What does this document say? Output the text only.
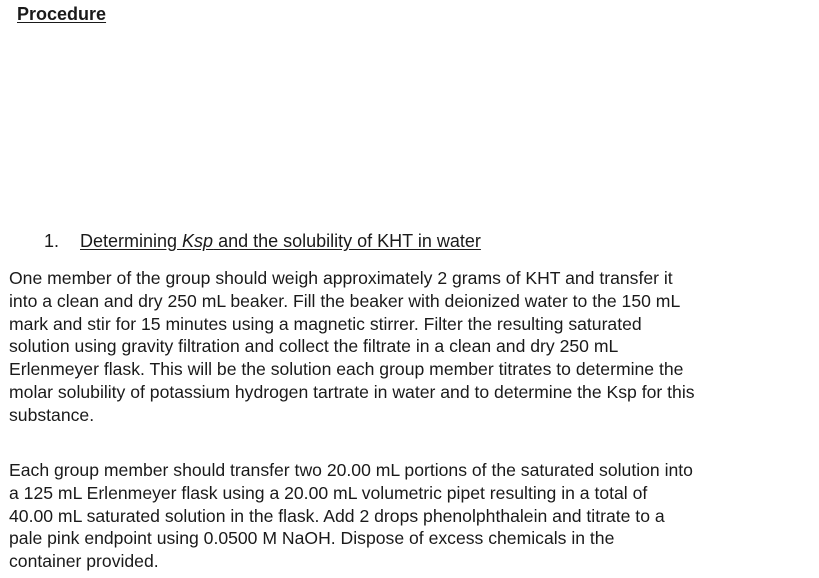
Procedure
1. Determining Ksp and the solubility of KHT in water
One member of the group should weigh approximately 2 grams of KHT and transfer it
into a clean and dry 250 mL beaker. Fill the beaker with deionized water to the 150 mL
mark and stir for 15 minutes using a magnetic stirrer. Filter the resulting saturated
solution using gravity filtration and collect the filtrate in a clean and dry 250 mL
Erlenmeyer flask. This will be the solution each group member titrates to determine the
molar solubility of potassium hydrogen tartrate in water and to determine the Ksp for this
substance.
Each group member should transfer two 20.00 mL portions of the saturated solution into
a 125 mL Erlenmeyer flask using a 20.00 mL volumetric pipet resulting in a total of
40.00 mL saturated solution in the flask. Add 2 drops phenolphthalein and titrate to a
pale pink endpoint using 0.0500 M NaOH. Dispose of excess chemicals in the
container provided.
